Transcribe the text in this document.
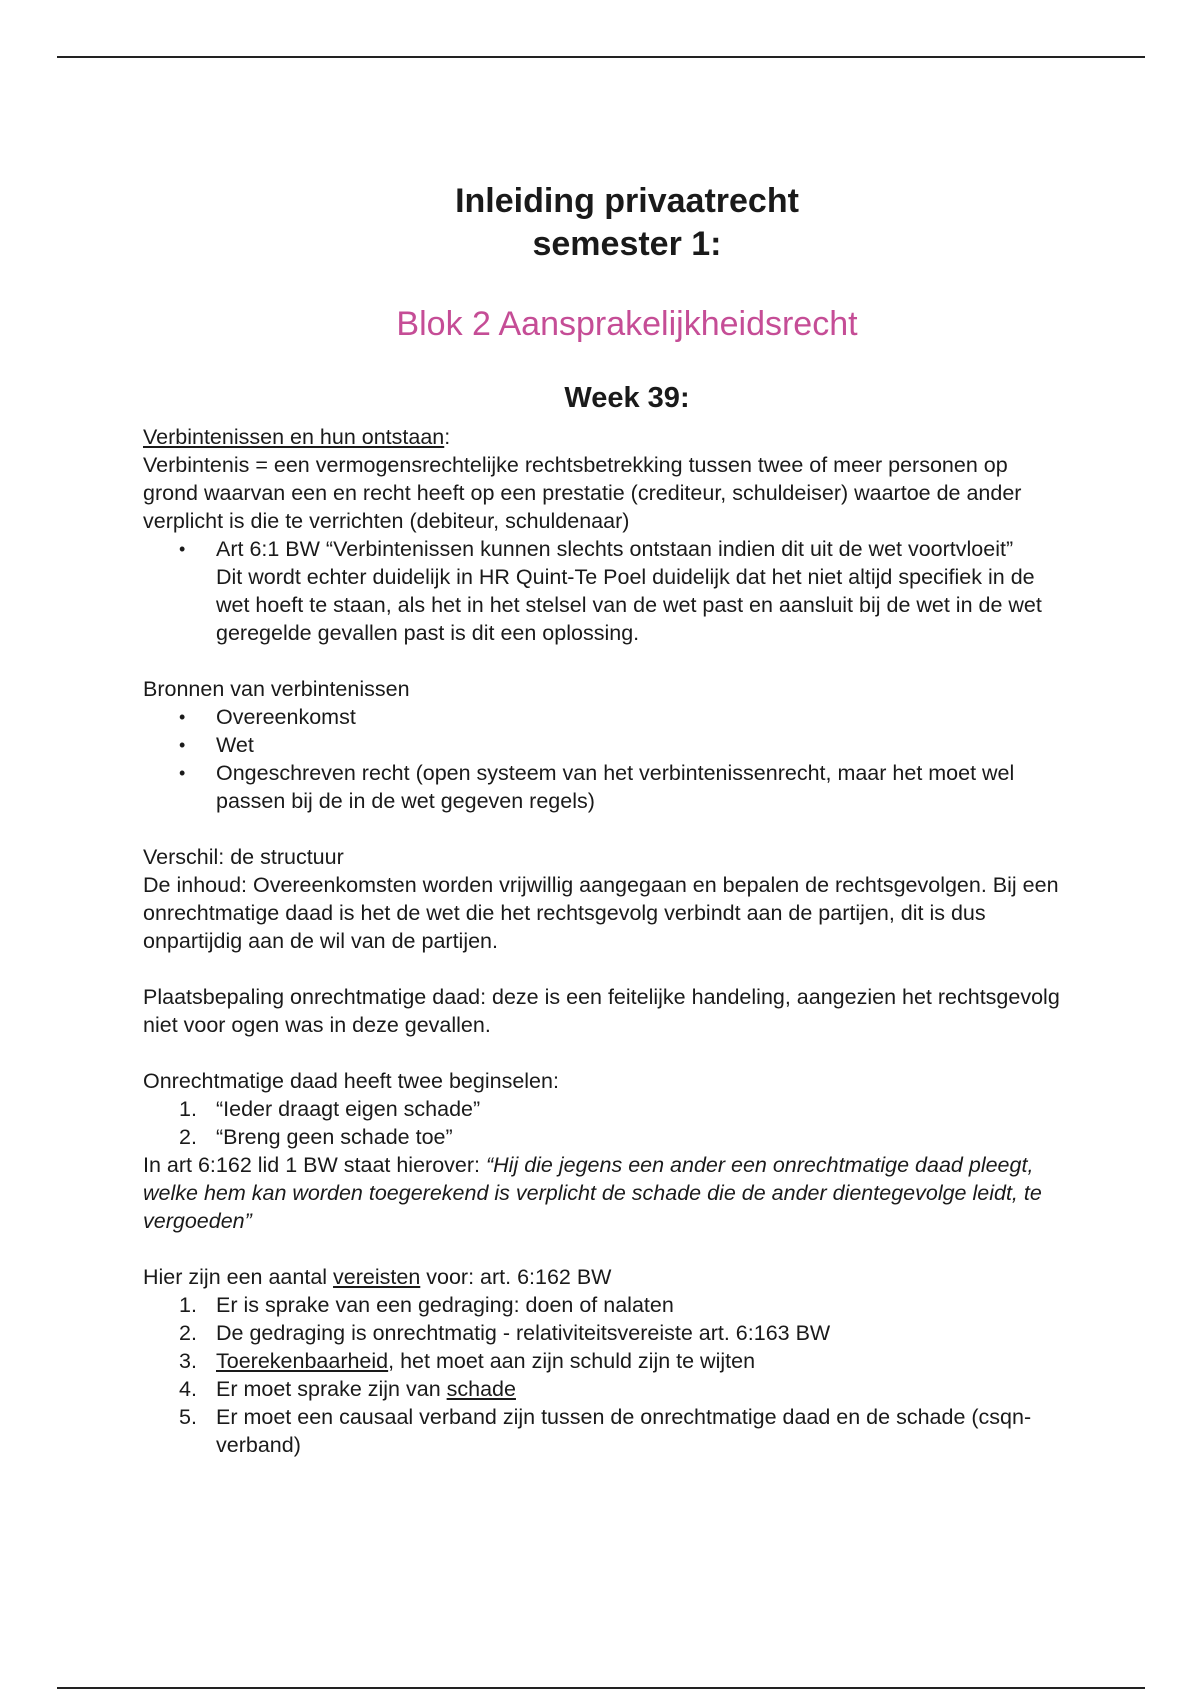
Inleiding privaatrecht
semester 1:
Blok 2 Aansprakelijkheidsrecht
Week 39:

Verbintenissen en hun ontstaan:

Verbintenis = een vermogensrechtelijke rechtsbetrekking tussen twee of meer personen op grond waarvan een en recht heeft op een prestatie (crediteur, schuldeiser) waartoe de ander verplicht is die te verrichten (debiteur, schuldenaar)

• Art 6:1 BW “Verbintenissen kunnen slechts ontstaan indien dit uit de wet voortvloeit”
Dit wordt echter duidelijk in HR Quint-Te Poel duidelijk dat het niet altijd specifiek in de wet hoeft te staan, als het in het stelsel van de wet past en aansluit bij de wet in de wet geregelde gevallen past is dit een oplossing.

Bronnen van verbintenissen

• Overeenkomst
• Wet
• Ongeschreven recht (open systeem van het verbintenissenrecht, maar het moet wel passen bij de in de wet gegeven regels)

Verschil: de structuur

De inhoud: Overeenkomsten worden vrijwillig aangegaan en bepalen de rechtsgevolgen. Bij een onrechtmatige daad is het de wet die het rechtsgevolg verbindt aan de partijen, dit is dus onpartijdig aan de wil van de partijen.

Plaatsbepaling onrechtmatige daad: deze is een feitelijke handeling, aangezien het rechtsgevolg niet voor ogen was in deze gevallen.

Onrechtmatige daad heeft twee beginselen:

1. “Ieder draagt eigen schade”
2. “Breng geen schade toe”

In art 6:162 lid 1 BW staat hierover: “Hij die jegens een ander een onrechtmatige daad pleegt, welke hem kan worden toegerekend is verplicht de schade die de ander dientegevolge leidt, te vergoeden”

Hier zijn een aantal vereisten voor: art. 6:162 BW

1. Er is sprake van een gedraging: doen of nalaten
2. De gedraging is onrechtmatig - relativiteitsvereiste art. 6:163 BW
3. Toerekenbaarheid, het moet aan zijn schuld zijn te wijten
4. Er moet sprake zijn van schade
5. Er moet een causaal verband zijn tussen de onrechtmatige daad en de schade (csqn-verband)
